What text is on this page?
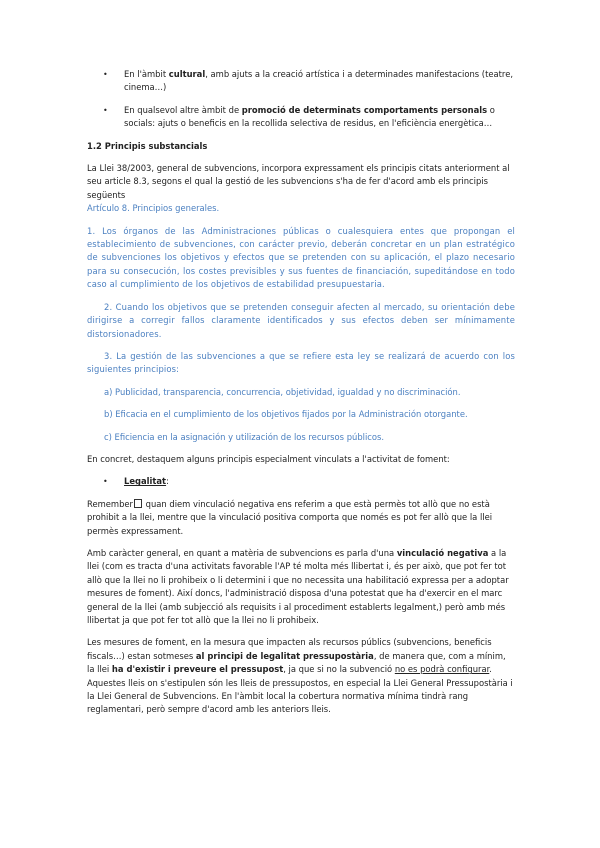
• En l'àmbit cultural, amb ajuts a la creació artística i a determinades manifestacions (teatre, cinema…)

• En qualsevol altre àmbit de promoció de determinats comportaments personals o socials: ajuts o beneficis en la recollida selectiva de residus, en l'eficiència energètica…

1.2 Principis substancials

La Llei 38/2003, general de subvencions, incorpora expressament els principis citats anteriorment al seu article 8.3, segons el qual la gestió de les subvencions s'ha de fer d'acord amb els principis següents

Artículo 8. Principios generales.

1. Los órganos de las Administraciones públicas o cualesquiera entes que propongan el establecimiento de subvenciones, con carácter previo, deberán concretar en un plan estratégico de subvenciones los objetivos y efectos que se pretenden con su aplicación, el plazo necesario para su consecución, los costes previsibles y sus fuentes de financiación, supeditándose en todo caso al cumplimiento de los objetivos de estabilidad presupuestaria.

2. Cuando los objetivos que se pretenden conseguir afecten al mercado, su orientación debe dirigirse a corregir fallos claramente identificados y sus efectos deben ser mínimamente distorsionadores.

3. La gestión de las subvenciones a que se refiere esta ley se realizará de acuerdo con los siguientes principios:

a) Publicidad, transparencia, concurrencia, objetividad, igualdad y no discriminación.

b) Eficacia en el cumplimiento de los objetivos fijados por la Administración otorgante.

c) Eficiencia en la asignación y utilización de los recursos públicos.

En concret, destaquem alguns principis especialment vinculats a l'activitat de foment:

• Legalitat:

Remember quan diem vinculació negativa ens referim a que està permès tot allò que no està prohibit a la llei, mentre que la vinculació positiva comporta que només es pot fer allò que la llei permès expressament.

Amb caràcter general, en quant a matèria de subvencions es parla d'una vinculació negativa a la llei (com es tracta d'una activitats favorable l'AP té molta més llibertat i, és per això, que pot fer tot allò que la llei no li prohibeix o li determini i que no necessita una habilitació expressa per a adoptar mesures de foment). Així doncs, l'administració disposa d'una potestat que ha d'exercir en el marc general de la llei (amb subjecció als requisits i al procediment establerts legalment,) però amb més llibertat ja que pot fer tot allò que la llei no li prohibeix.

Les mesures de foment, en la mesura que impacten als recursos públics (subvencions, beneficis fiscals…) estan sotmeses al principi de legalitat pressupostària, de manera que, com a mínim, la llei ha d'existir i preveure el pressupost, ja que si no la subvenció no es podrà configurar. Aquestes lleis on s'estipulen són les lleis de pressupostos, en especial la Llei General Pressupostària i la Llei General de Subvencions. En l'àmbit local la cobertura normativa mínima tindrà rang reglamentari, però sempre d'acord amb les anteriors lleis.
